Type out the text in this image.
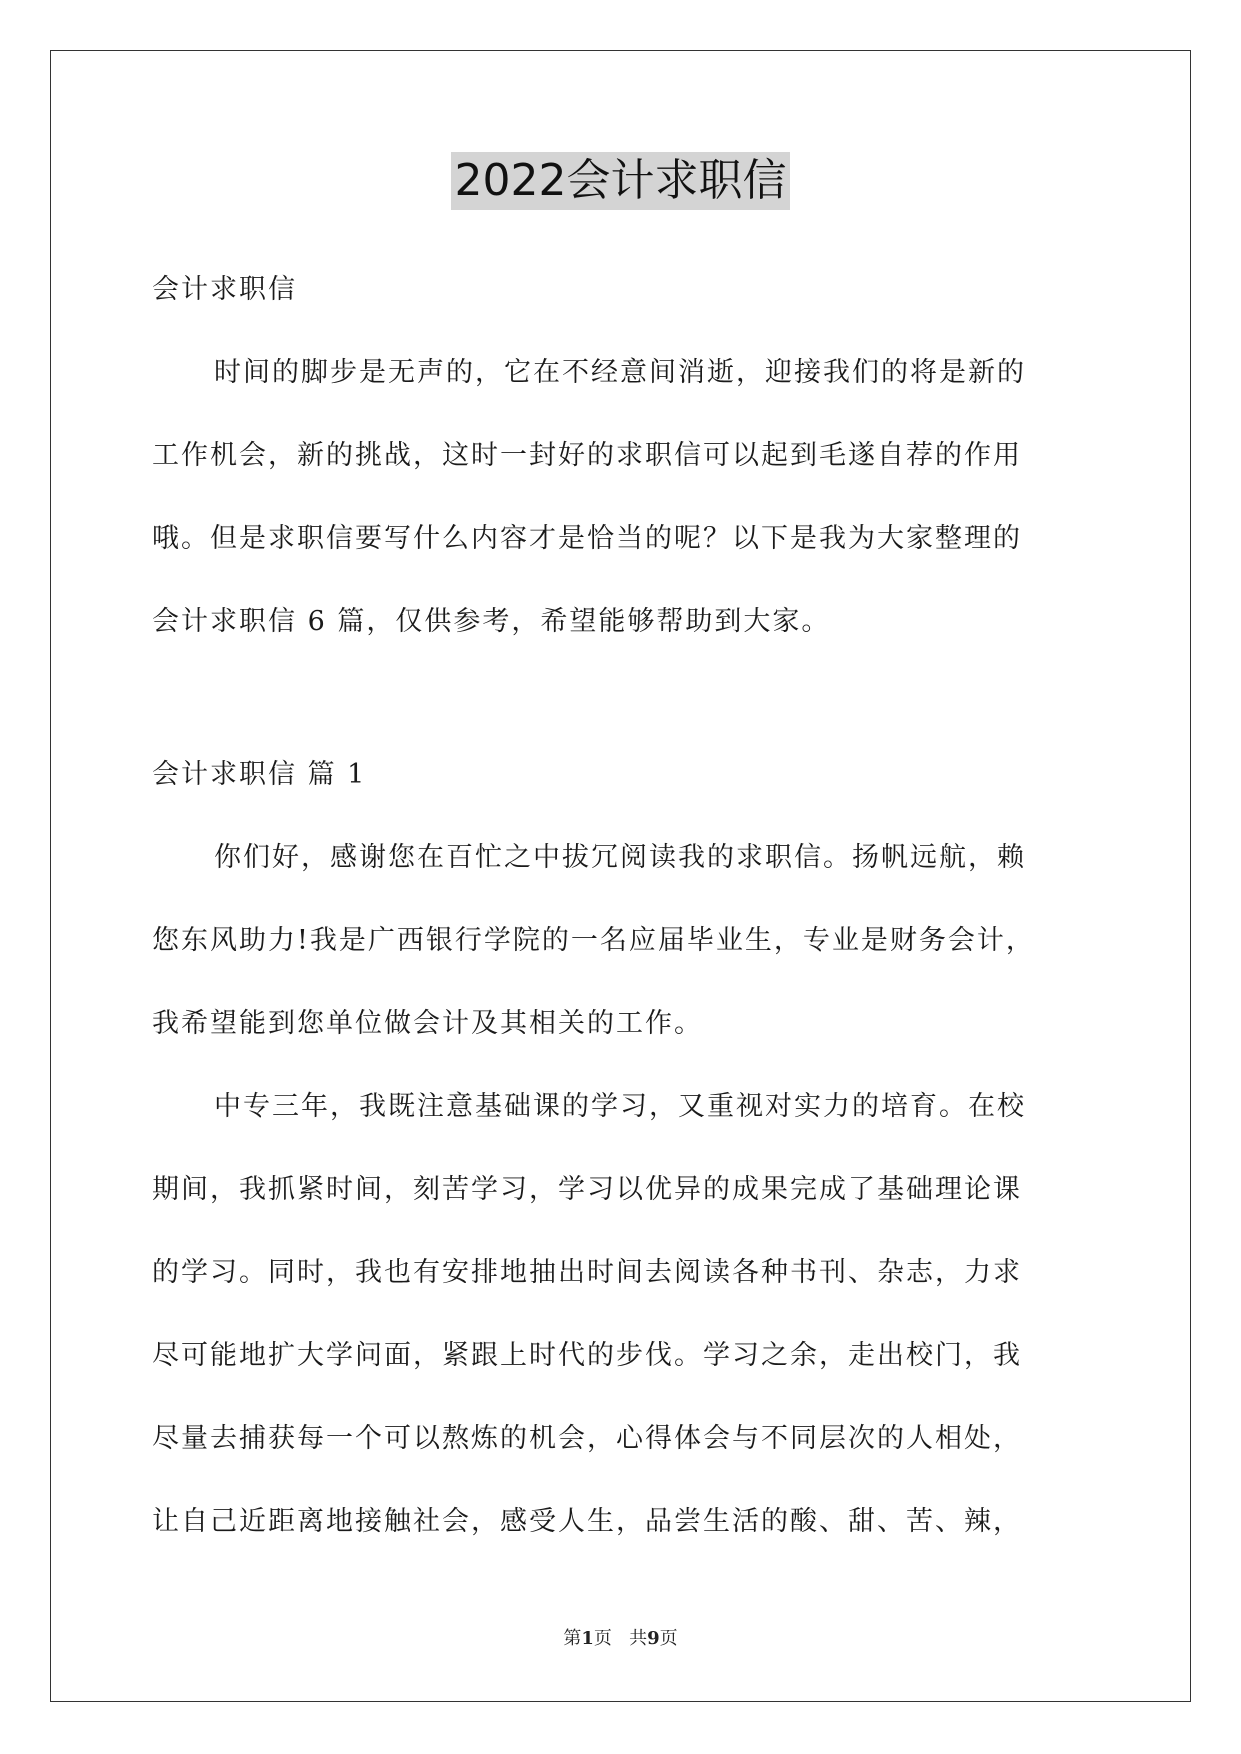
2022会计求职信
会计求职信
时间的脚步是无声的，它在不经意间消逝，迎接我们的将是新的
工作机会，新的挑战，这时一封好的求职信可以起到毛遂自荐的作用
哦。但是求职信要写什么内容才是恰当的呢？以下是我为大家整理的
会计求职信 6 篇，仅供参考，希望能够帮助到大家。
会计求职信 篇 1
你们好，感谢您在百忙之中拔冗阅读我的求职信。扬帆远航，赖
您东风助力!我是广西银行学院的一名应届毕业生，专业是财务会计，
我希望能到您单位做会计及其相关的工作。
中专三年，我既注意基础课的学习，又重视对实力的培育。在校
期间，我抓紧时间，刻苦学习，学习以优异的成果完成了基础理论课
的学习。同时，我也有安排地抽出时间去阅读各种书刊、杂志，力求
尽可能地扩大学问面，紧跟上时代的步伐。学习之余，走出校门，我
尽量去捕获每一个可以熬炼的机会，心得体会与不同层次的人相处，
让自己近距离地接触社会，感受人生，品尝生活的酸、甜、苦、辣，
第1页 共9页
